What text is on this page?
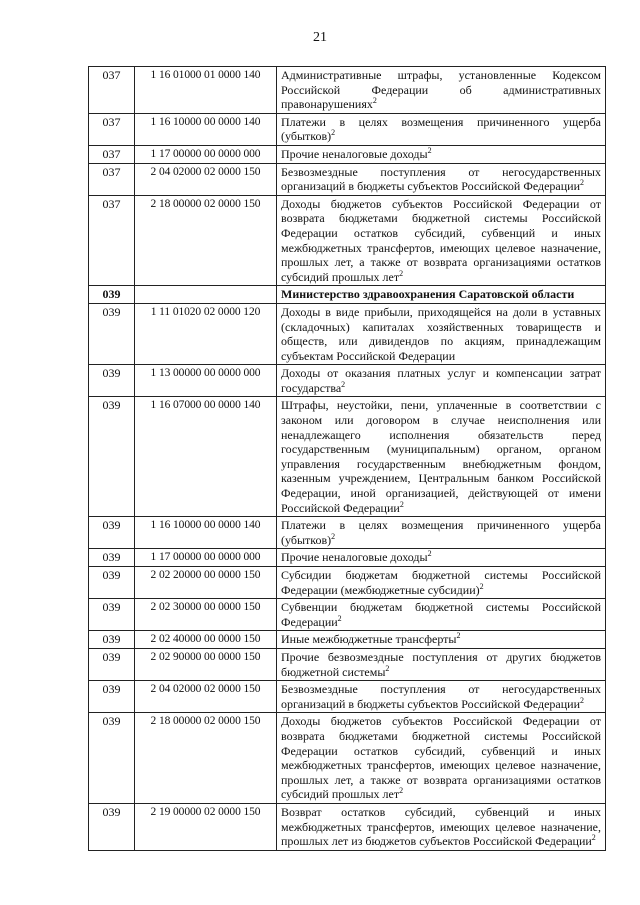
21
037	1 16 01000 01 0000 140	Административные штрафы, установленные Кодексом Российской Федерации об административных правонарушениях$^2$
037	1 16 10000 00 0000 140	Платежи в целях возмещения причиненного ущерба (убытков)$^2$
037	1 17 00000 00 0000 000	Прочие неналоговые доходы$^2$
037	2 04 02000 02 0000 150	Безвозмездные поступления от негосударственных организаций в бюджеты субъектов Российской Федерации$^2$
037	2 18 00000 02 0000 150	Доходы бюджетов субъектов Российской Федерации от возврата бюджетами бюджетной системы Российской Федерации остатков субсидий, субвенций и иных межбюджетных трансфертов, имеющих целевое назначение, прошлых лет, а также от возврата организациями остатков субсидий прошлых лет$^2$
039		Министерство здравоохранения Саратовской области
039	1 11 01020 02 0000 120	Доходы в виде прибыли, приходящейся на доли в уставных (складочных) капиталах хозяйственных товариществ и обществ, или дивидендов по акциям, принадлежащим субъектам Российской Федерации
039	1 13 00000 00 0000 000	Доходы от оказания платных услуг и компенсации затрат государства$^2$
039	1 16 07000 00 0000 140	Штрафы, неустойки, пени, уплаченные в соответствии с законом или договором в случае неисполнения или ненадлежащего исполнения обязательств перед государственным (муниципальным) органом, органом управления государственным внебюджетным фондом, казенным учреждением, Центральным банком Российской Федерации, иной организацией, действующей от имени Российской Федерации$^2$
039	1 16 10000 00 0000 140	Платежи в целях возмещения причиненного ущерба (убытков)$^2$
039	1 17 00000 00 0000 000	Прочие неналоговые доходы$^2$
039	2 02 20000 00 0000 150	Субсидии бюджетам бюджетной системы Российской Федерации (межбюджетные субсидии)$^2$
039	2 02 30000 00 0000 150	Субвенции бюджетам бюджетной системы Российской Федерации$^2$
039	2 02 40000 00 0000 150	Иные межбюджетные трансферты$^2$
039	2 02 90000 00 0000 150	Прочие безвозмездные поступления от других бюджетов бюджетной системы$^2$
039	2 04 02000 02 0000 150	Безвозмездные поступления от негосударственных организаций в бюджеты субъектов Российской Федерации$^2$
039	2 18 00000 02 0000 150	Доходы бюджетов субъектов Российской Федерации от возврата бюджетами бюджетной системы Российской Федерации остатков субсидий, субвенций и иных межбюджетных трансфертов, имеющих целевое назначение, прошлых лет, а также от возврата организациями остатков субсидий прошлых лет$^2$
039	2 19 00000 02 0000 150	Возврат остатков субсидий, субвенций и иных межбюджетных трансфертов, имеющих целевое назначение, прошлых лет из бюджетов субъектов Российской Федерации$^2$
